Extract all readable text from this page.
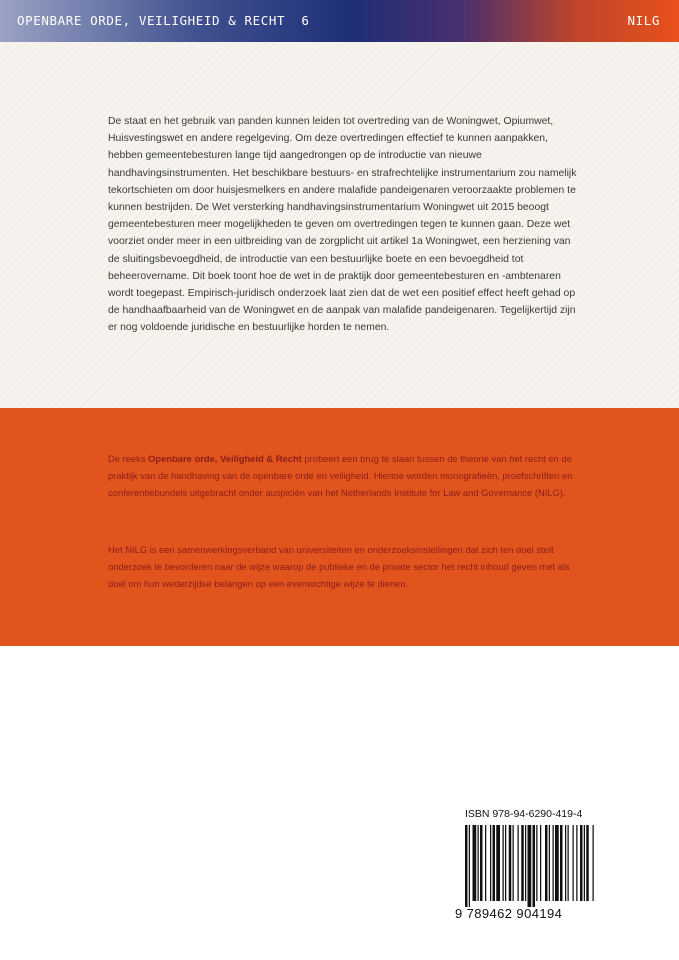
OPENBARE ORDE, VEILIGHEID & RECHT 6	NILG

De staat en het gebruik van panden kunnen leiden tot overtreding van de Woningwet, Opiumwet, Huisvestingswet en andere regelgeving. Om deze overtredingen effectief te kunnen aanpakken, hebben gemeentebesturen lange tijd aangedrongen op de introductie van nieuwe handhavingsinstrumenten. Het beschikbare bestuurs- en strafrechtelijke instrumentarium zou namelijk tekortschieten om door huisjesmelkers en andere malafide pandeigenaren veroorzaakte problemen te kunnen bestrijden. De Wet versterking handhavingsinstrumentarium Woningwet uit 2015 beoogt gemeentebesturen meer mogelijkheden te geven om overtredingen tegen te kunnen gaan. Deze wet voorziet onder meer in een uitbreiding van de zorgplicht uit artikel 1a Woningwet, een herziening van de sluitingsbevoegdheid, de introductie van een bestuurlijke boete en een bevoegdheid tot beheerovername. Dit boek toont hoe de wet in de praktijk door gemeentebesturen en -ambtenaren wordt toegepast. Empirisch-juridisch onderzoek laat zien dat de wet een positief effect heeft gehad op de handhaafbaarheid van de Woningwet en de aanpak van malafide pandeigenaren. Tegelijkertijd zijn er nog voldoende juridische en bestuurlijke horden te nemen.

De reeks Openbare orde, Veiligheid & Recht probeert een brug te slaan tussen de theorie van het recht en de praktijk van de handhaving van de openbare orde en veiligheid. Hiertoe worden monografieën, proefschriften en conferentiebundels uitgebracht onder auspiciën van het Netherlands Institute for Law and Governance (NILG).

Het NILG is een samenwerkingsverband van universiteiten en onderzoeksinstellingen dat zich ten doel stelt onderzoek te bevorderen naar de wijze waarop de publieke en de private sector het recht inhoud geven met als doel om hun wederzijdse belangen op een evenwichtige wijze te dienen.

ISBN 978-94-6290-419-4
9 789462 904194
